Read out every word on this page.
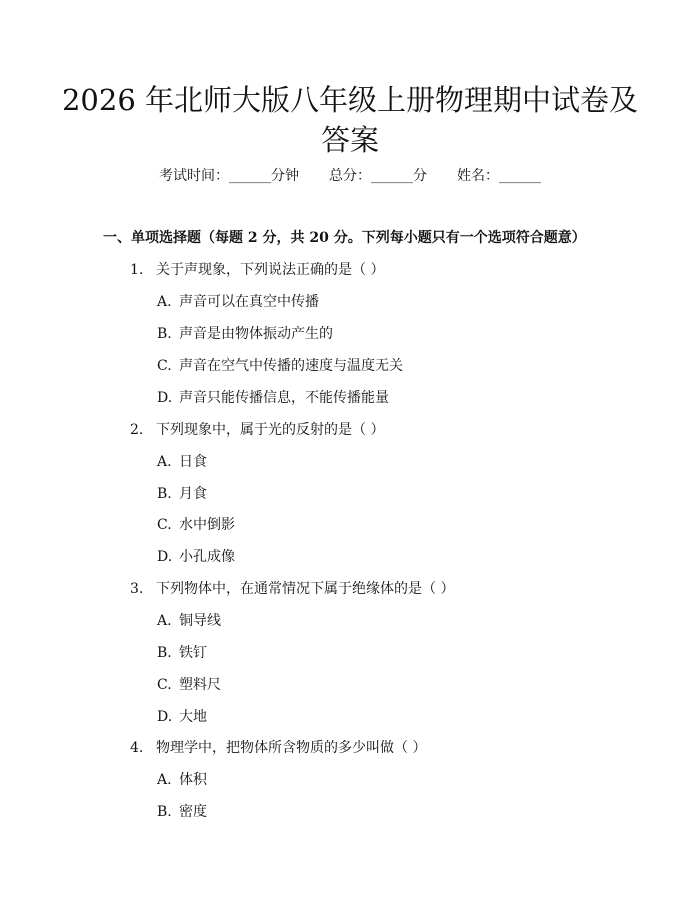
2026 年北师大版八年级上册物理期中试卷及
答案
考试时间：______分钟 总分：______分 姓名：______
一、单项选择题（每题 2 分，共 20 分。下列每小题只有一个选项符合题意）
1. 关于声现象，下列说法正确的是（ ）
A. 声音可以在真空中传播
B. 声音是由物体振动产生的
C. 声音在空气中传播的速度与温度无关
D. 声音只能传播信息，不能传播能量
2. 下列现象中，属于光的反射的是（ ）
A. 日食
B. 月食
C. 水中倒影
D. 小孔成像
3. 下列物体中，在通常情况下属于绝缘体的是（ ）
A. 铜导线
B. 铁钉
C. 塑料尺
D. 大地
4. 物理学中，把物体所含物质的多少叫做（ ）
A. 体积
B. 密度
